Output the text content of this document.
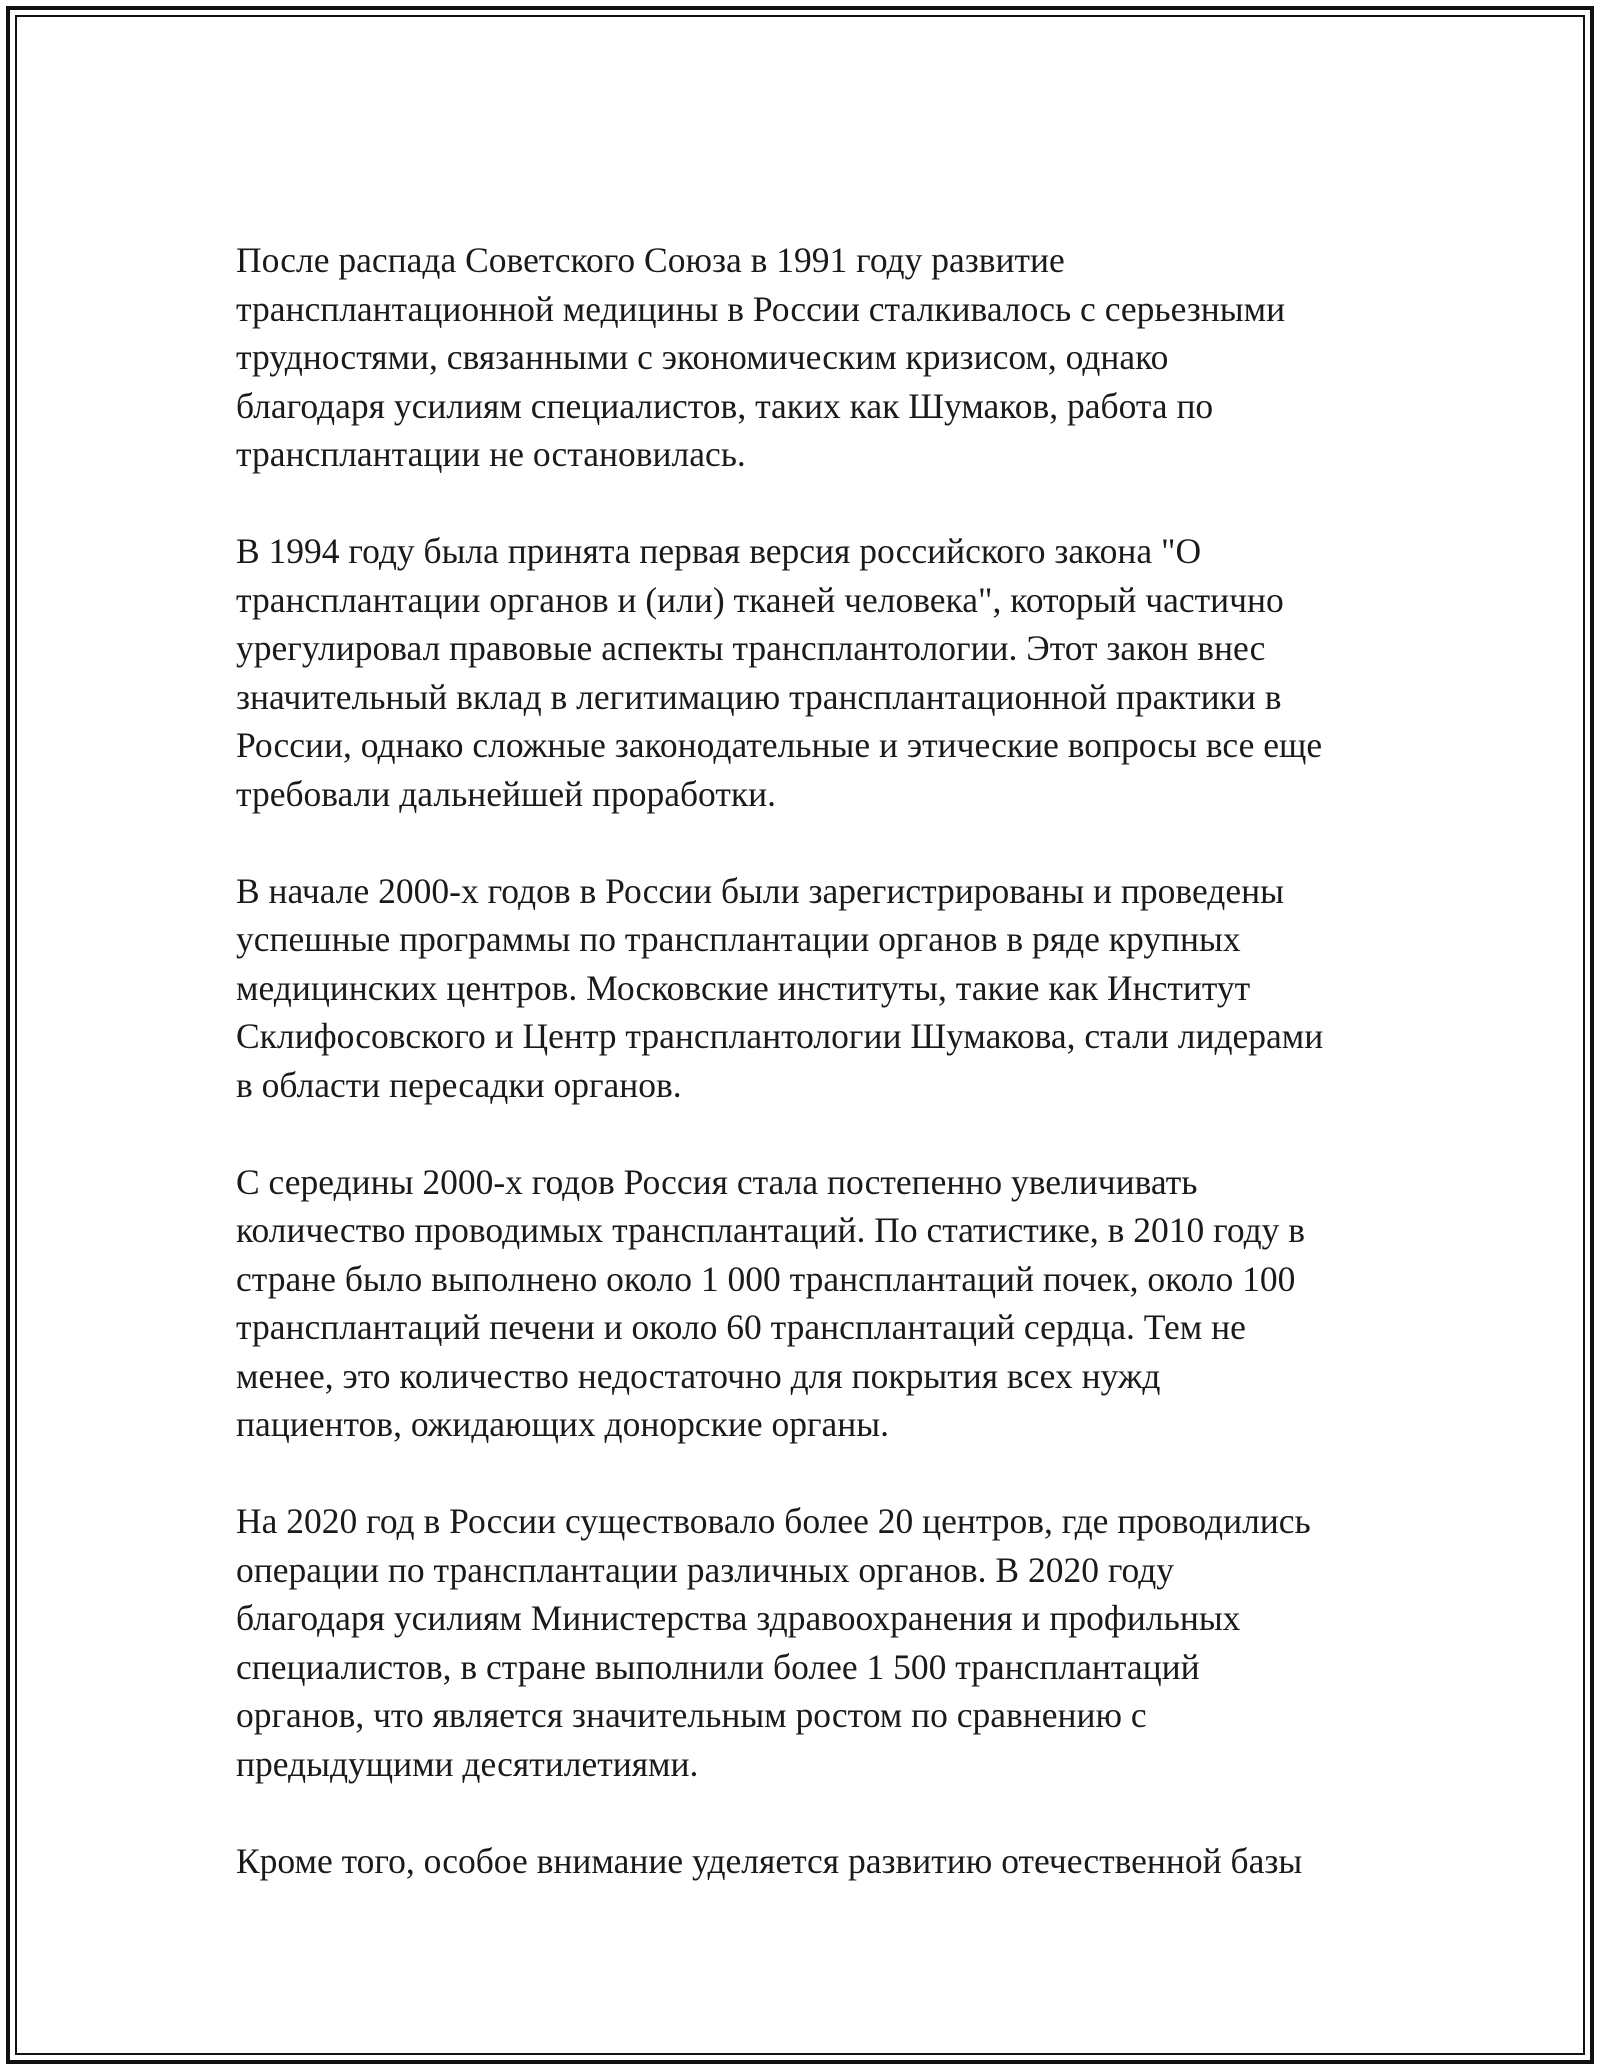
После распада Советского Союза в 1991 году развитие
трансплантационной медицины в России сталкивалось с серьезными
трудностями, связанными с экономическим кризисом, однако
благодаря усилиям специалистов, таких как Шумаков, работа по
трансплантации не остановилась.

В 1994 году была принята первая версия российского закона "О
трансплантации органов и (или) тканей человека", который частично
урегулировал правовые аспекты трансплантологии. Этот закон внес
значительный вклад в легитимацию трансплантационной практики в
России, однако сложные законодательные и этические вопросы все еще
требовали дальнейшей проработки.

В начале 2000-х годов в России были зарегистрированы и проведены
успешные программы по трансплантации органов в ряде крупных
медицинских центров. Московские институты, такие как Институт
Склифосовского и Центр трансплантологии Шумакова, стали лидерами
в области пересадки органов.

С середины 2000-х годов Россия стала постепенно увеличивать
количество проводимых трансплантаций. По статистике, в 2010 году в
стране было выполнено около 1 000 трансплантаций почек, около 100
трансплантаций печени и около 60 трансплантаций сердца. Тем не
менее, это количество недостаточно для покрытия всех нужд
пациентов, ожидающих донорские органы.

На 2020 год в России существовало более 20 центров, где проводились
операции по трансплантации различных органов. В 2020 году
благодаря усилиям Министерства здравоохранения и профильных
специалистов, в стране выполнили более 1 500 трансплантаций
органов, что является значительным ростом по сравнению с
предыдущими десятилетиями.

Кроме того, особое внимание уделяется развитию отечественной базы
